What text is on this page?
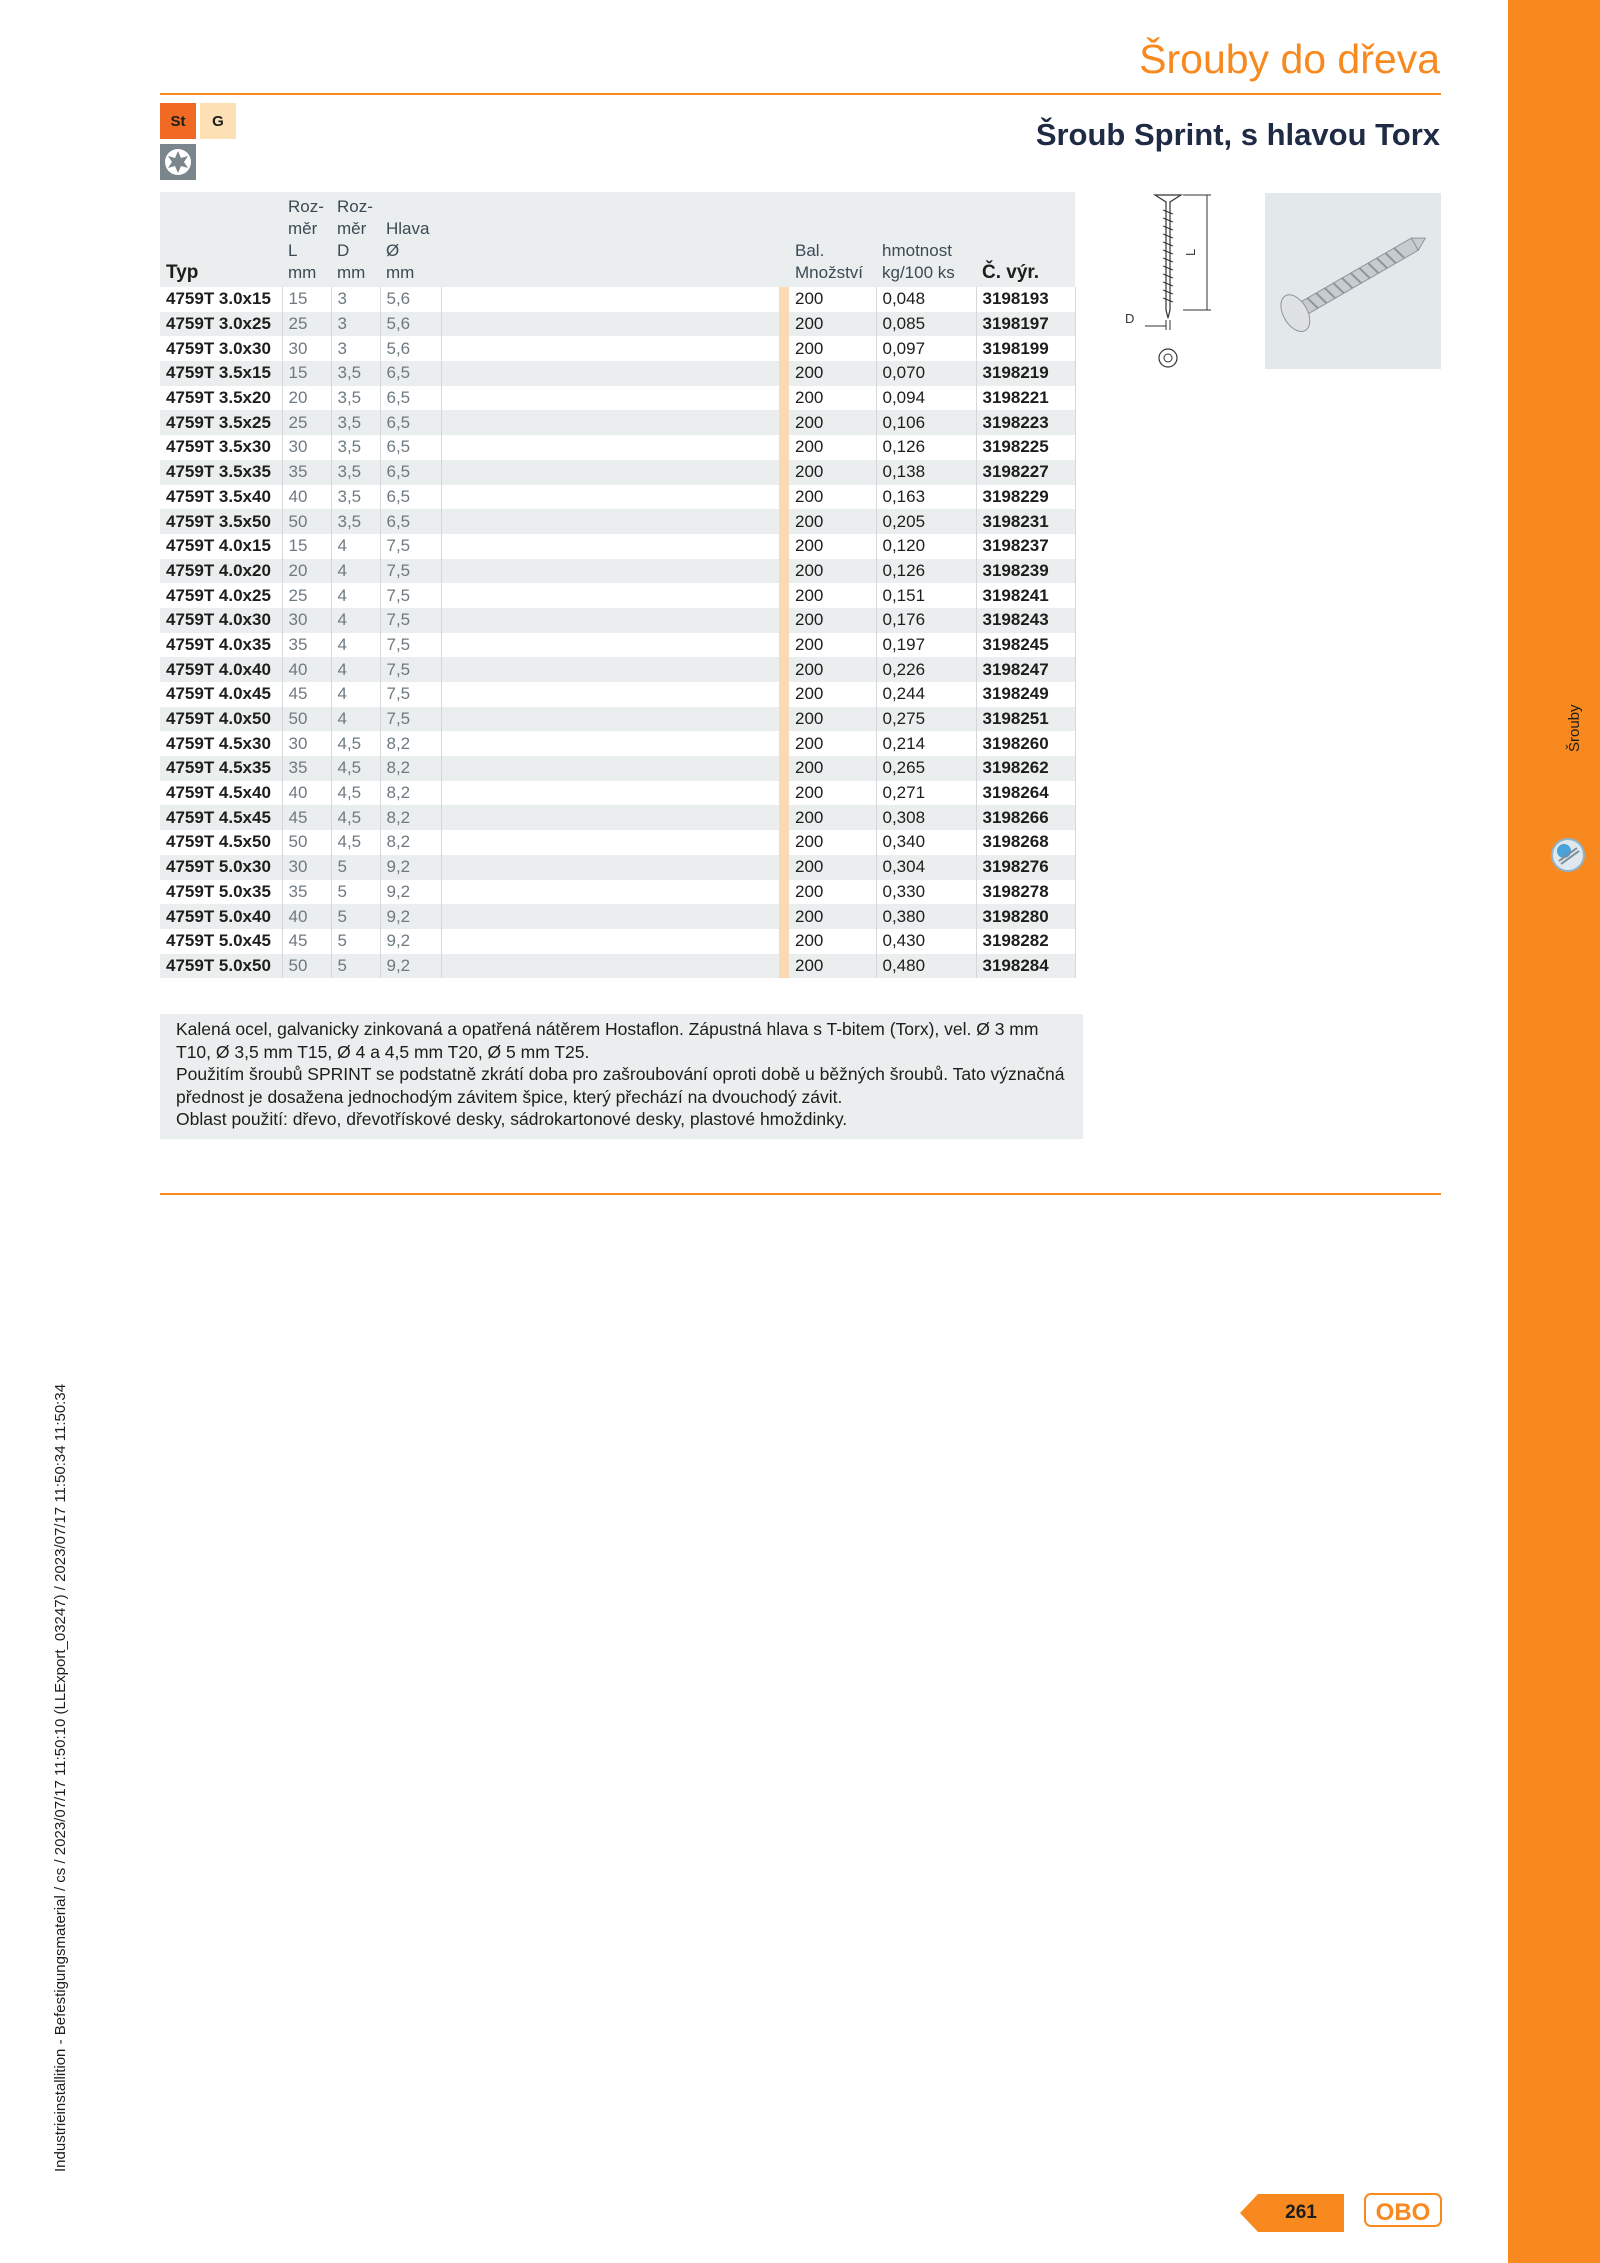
Šrouby
Šrouby do dřeva
St	G	Šroub Sprint, s hlavou Torx
Typ	Roz-
měr
L
mm	Roz-
měr
D
mm	Hlava
Ø
mm			Bal.
Množství	hmotnost
kg/100 ks	Č. výr.
4759T 3.0x15	15	3	5,6			200	0,048	3198193
4759T 3.0x25	25	3	5,6			200	0,085	3198197
4759T 3.0x30	30	3	5,6			200	0,097	3198199
4759T 3.5x15	15	3,5	6,5			200	0,070	3198219
4759T 3.5x20	20	3,5	6,5			200	0,094	3198221
4759T 3.5x25	25	3,5	6,5			200	0,106	3198223
4759T 3.5x30	30	3,5	6,5			200	0,126	3198225
4759T 3.5x35	35	3,5	6,5			200	0,138	3198227
4759T 3.5x40	40	3,5	6,5			200	0,163	3198229
4759T 3.5x50	50	3,5	6,5			200	0,205	3198231
4759T 4.0x15	15	4	7,5			200	0,120	3198237
4759T 4.0x20	20	4	7,5			200	0,126	3198239
4759T 4.0x25	25	4	7,5			200	0,151	3198241
4759T 4.0x30	30	4	7,5			200	0,176	3198243
4759T 4.0x35	35	4	7,5			200	0,197	3198245
4759T 4.0x40	40	4	7,5			200	0,226	3198247
4759T 4.0x45	45	4	7,5			200	0,244	3198249
4759T 4.0x50	50	4	7,5			200	0,275	3198251
4759T 4.5x30	30	4,5	8,2			200	0,214	3198260
4759T 4.5x35	35	4,5	8,2			200	0,265	3198262
4759T 4.5x40	40	4,5	8,2			200	0,271	3198264
4759T 4.5x45	45	4,5	8,2			200	0,308	3198266
4759T 4.5x50	50	4,5	8,2			200	0,340	3198268
4759T 5.0x30	30	5	9,2			200	0,304	3198276
4759T 5.0x35	35	5	9,2			200	0,330	3198278
4759T 5.0x40	40	5	9,2			200	0,380	3198280
4759T 5.0x45	45	5	9,2			200	0,430	3198282
4759T 5.0x50	50	5	9,2			200	0,480	3198284
L
D

Kalená ocel, galvanicky zinkovaná a opatřená nátěrem Hostaflon. Zápustná hlava s T-bitem (Torx), vel. Ø 3 mm T10, Ø 3,5 mm T15, Ø 4 a 4,5 mm T20, Ø 5 mm T25.

Použitím šroubů SPRINT se podstatně zkrátí doba pro zašroubování oproti době u běžných šroubů. Tato význačná přednost je dosažena jednochodým závitem špice, který přechází na dvouchodý závit.

Oblast použití: dřevo, dřevotřískové desky, sádrokartonové desky, plastové hmoždinky.

Industrieinstallition - Befestigungsmaterial / cs / 2023/07/17 11:50:10 (LLExport_03247) / 2023/07/17 11:50:34 11:50:34
261	OBO
